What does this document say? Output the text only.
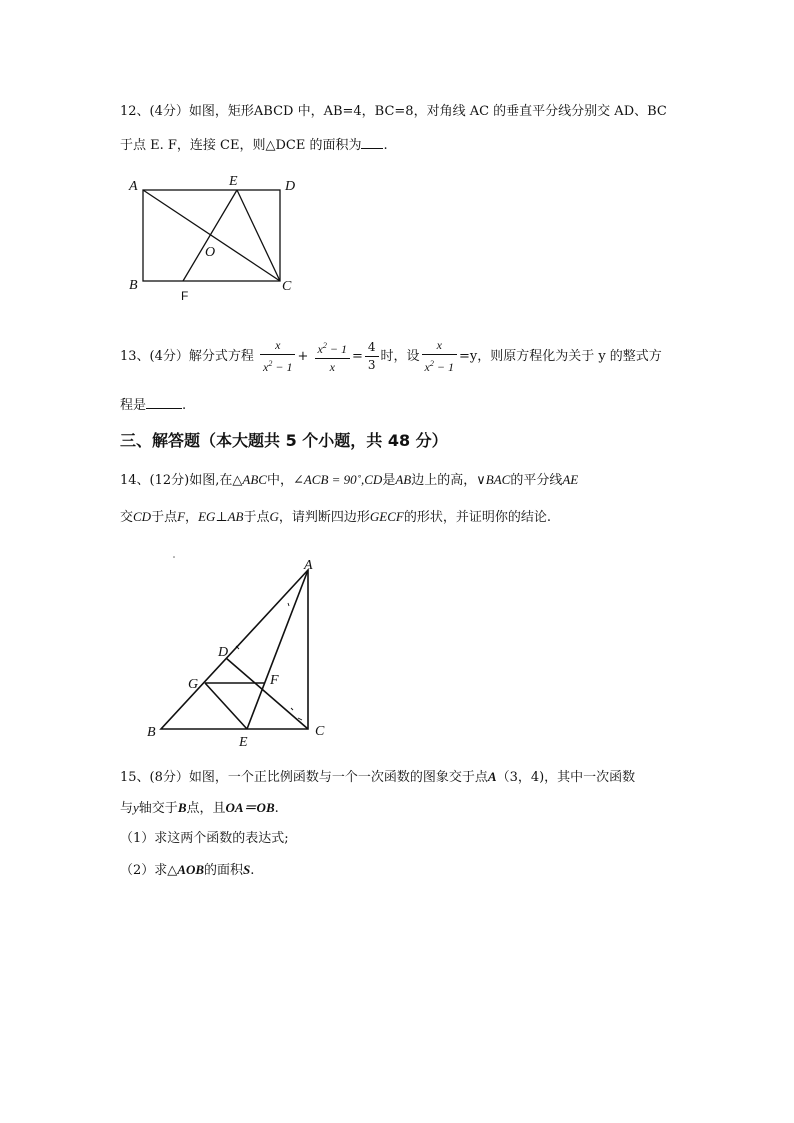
12、(4分）如图，矩形ABCD 中，AB=4，BC=8，对角线 AC 的垂直平分线分别交 AD、BC
于点 E. F，连接 CE，则△DCE 的面积为 .
A	E	D
O
B
F
C
13、(4分）解分式方程 $\frac{x}{x^2 - 1} + \frac{x^2 - 1}{x} = \frac{4}{3}$ 时，设 $\frac{x}{x^2 - 1} =y$，则原方程化为关于 y 的整式方
程是	.
三、解答题（本大题共 5 个小题，共 48 分）
14、(12分)如图,在△ABC中，∠ACB = 90˚,CD是AB边上的高，∨BAC的平分线AE
交CD于点F，EG⊥AB于点G，请判断四边形GECF的形状，并证明你的结论.
A
D
G	F
B
E
C
15、(8分）如图，一个正比例函数与一个一次函数的图象交于点A（3，4)，其中一次函数
与y轴交于B点，且OA＝OB.
（1）求这两个函数的表达式;
（2）求△AOB的面积S.
